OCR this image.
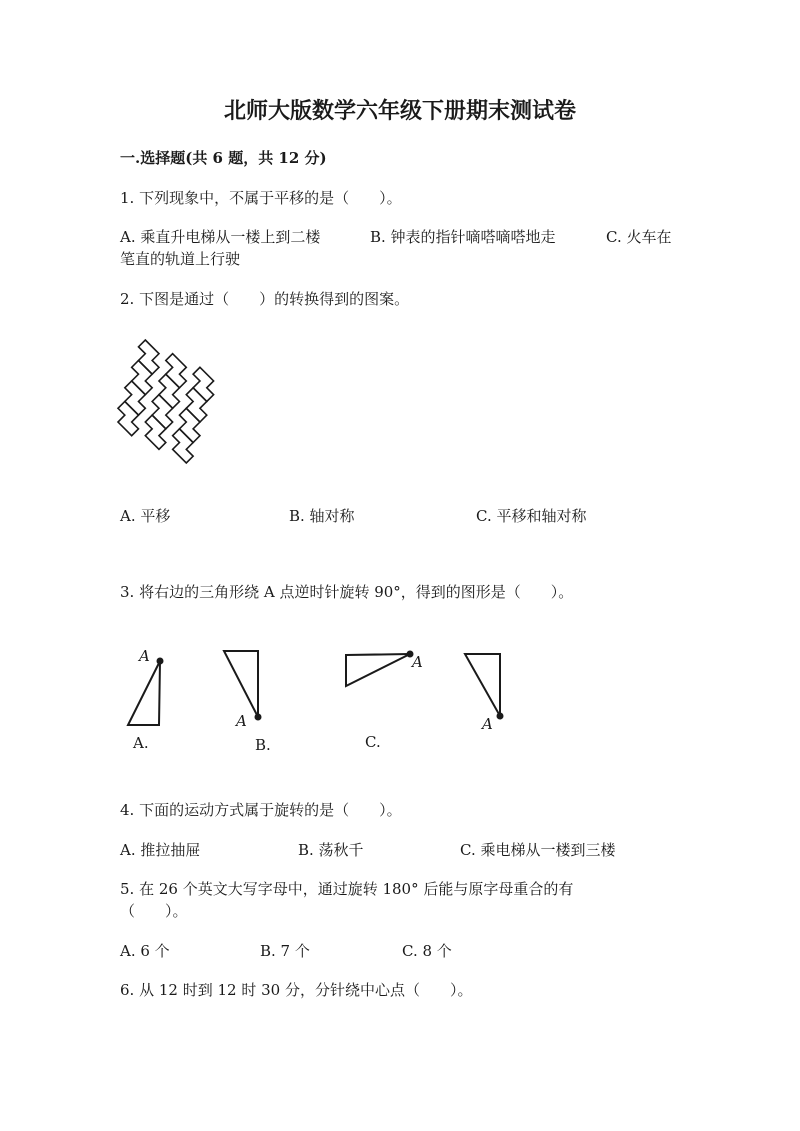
北师大版数学六年级下册期末测试卷
一.选择题(共 6 题，共 12 分)
1. 下列现象中，不属于平移的是（　　）。
A. 乘直升电梯从一楼上到二楼	B. 钟表的指针嘀嗒嘀嗒地走	C. 火车在
笔直的轨道上行驶
2. 下图是通过（　　）的转换得到的图案。
A. 平移	B. 轴对称	C. 平移和轴对称
3. 将右边的三角形绕 A 点逆时针旋转 90°，得到的图形是（　　）。
A
A
A
A
A.	B.	C.
4. 下面的运动方式属于旋转的是（　　）。
A. 推拉抽屉	B. 荡秋千	C. 乘电梯从一楼到三楼
5. 在 26 个英文大写字母中，通过旋转 180° 后能与原字母重合的有
（　　）。
A. 6 个	B. 7 个	C. 8 个
6. 从 12 时到 12 时 30 分，分针绕中心点（　　）。
